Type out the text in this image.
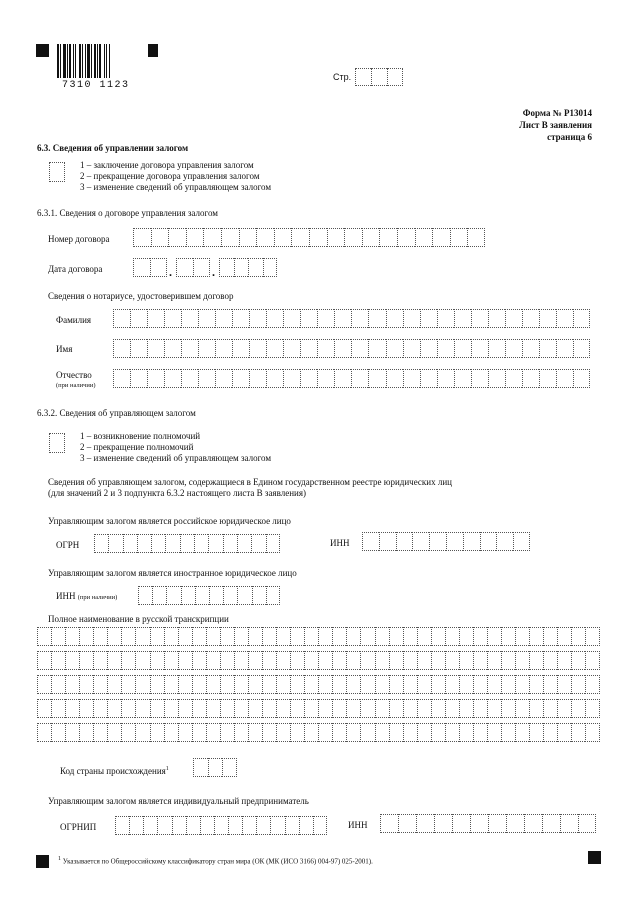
7310 1123
Стр.
Форма № Р13014
Лист В заявления
страница 6
6.3. Сведения об управлении залогом
1 – заключение договора управления залогом
2 – прекращение договора управления залогом
3 – изменение сведений об управляющем залогом
6.3.1. Сведения о договоре управления залогом
Номер договора
Дата договора	.	.
Сведения о нотариусе, удостоверившем договор
Фамилия
Имя
Отчество
(при наличии)
6.3.2. Сведения об управляющем залогом
1 – возникновение полномочий
2 – прекращение полномочий
3 – изменение сведений об управляющем залогом
Сведения об управляющем залогом, содержащиеся в Едином государственном реестре юридических лиц
(для значений 2 и 3 подпункта 6.3.2 настоящего листа В заявления)
Управляющим залогом является российское юридическое лицо
ОГРН	ИНН
Управляющим залогом является иностранное юридическое лицо
ИНН (при наличии)
Полное наименование в русской транскрипции
Код страны происхождения$^1$
Управляющим залогом является индивидуальный предприниматель
ОГРНИП	ИНН
$^1$ Указывается по Общероссийскому классификатору стран мира (ОК (МК (ИСО 3166) 004-97) 025-2001).
